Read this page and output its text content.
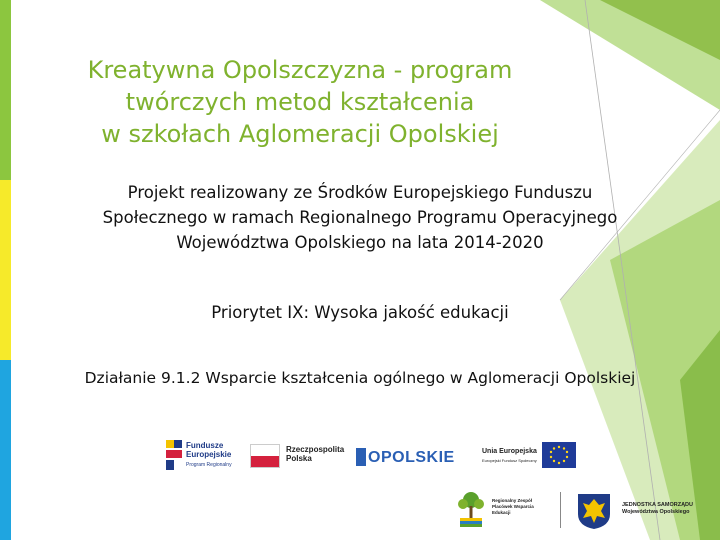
Kreatywna Opolszczyzna - program
twórczych metod kształcenia
w szkołach Aglomeracji Opolskiej
Projekt realizowany ze Środków Europejskiego Funduszu
Społecznego w ramach Regionalnego Programu Operacyjnego
Województwa Opolskiego na lata 2014-2020
Priorytet IX: Wysoka jakość edukacji
Działanie 9.1.2 Wsparcie kształcenia ogólnego w Aglomeracji Opolskiej
Fundusze
Europejskie
Program Regionalny
Rzeczpospolita
Polska	OPOLSKIE	Unia Europejska
Europejski Fundusz Społeczny
Regionalny Zespół
Placówek Wsparcia
Edukacji
JEDNOSTKA SAMORZĄDU
Województwa Opolskiego
